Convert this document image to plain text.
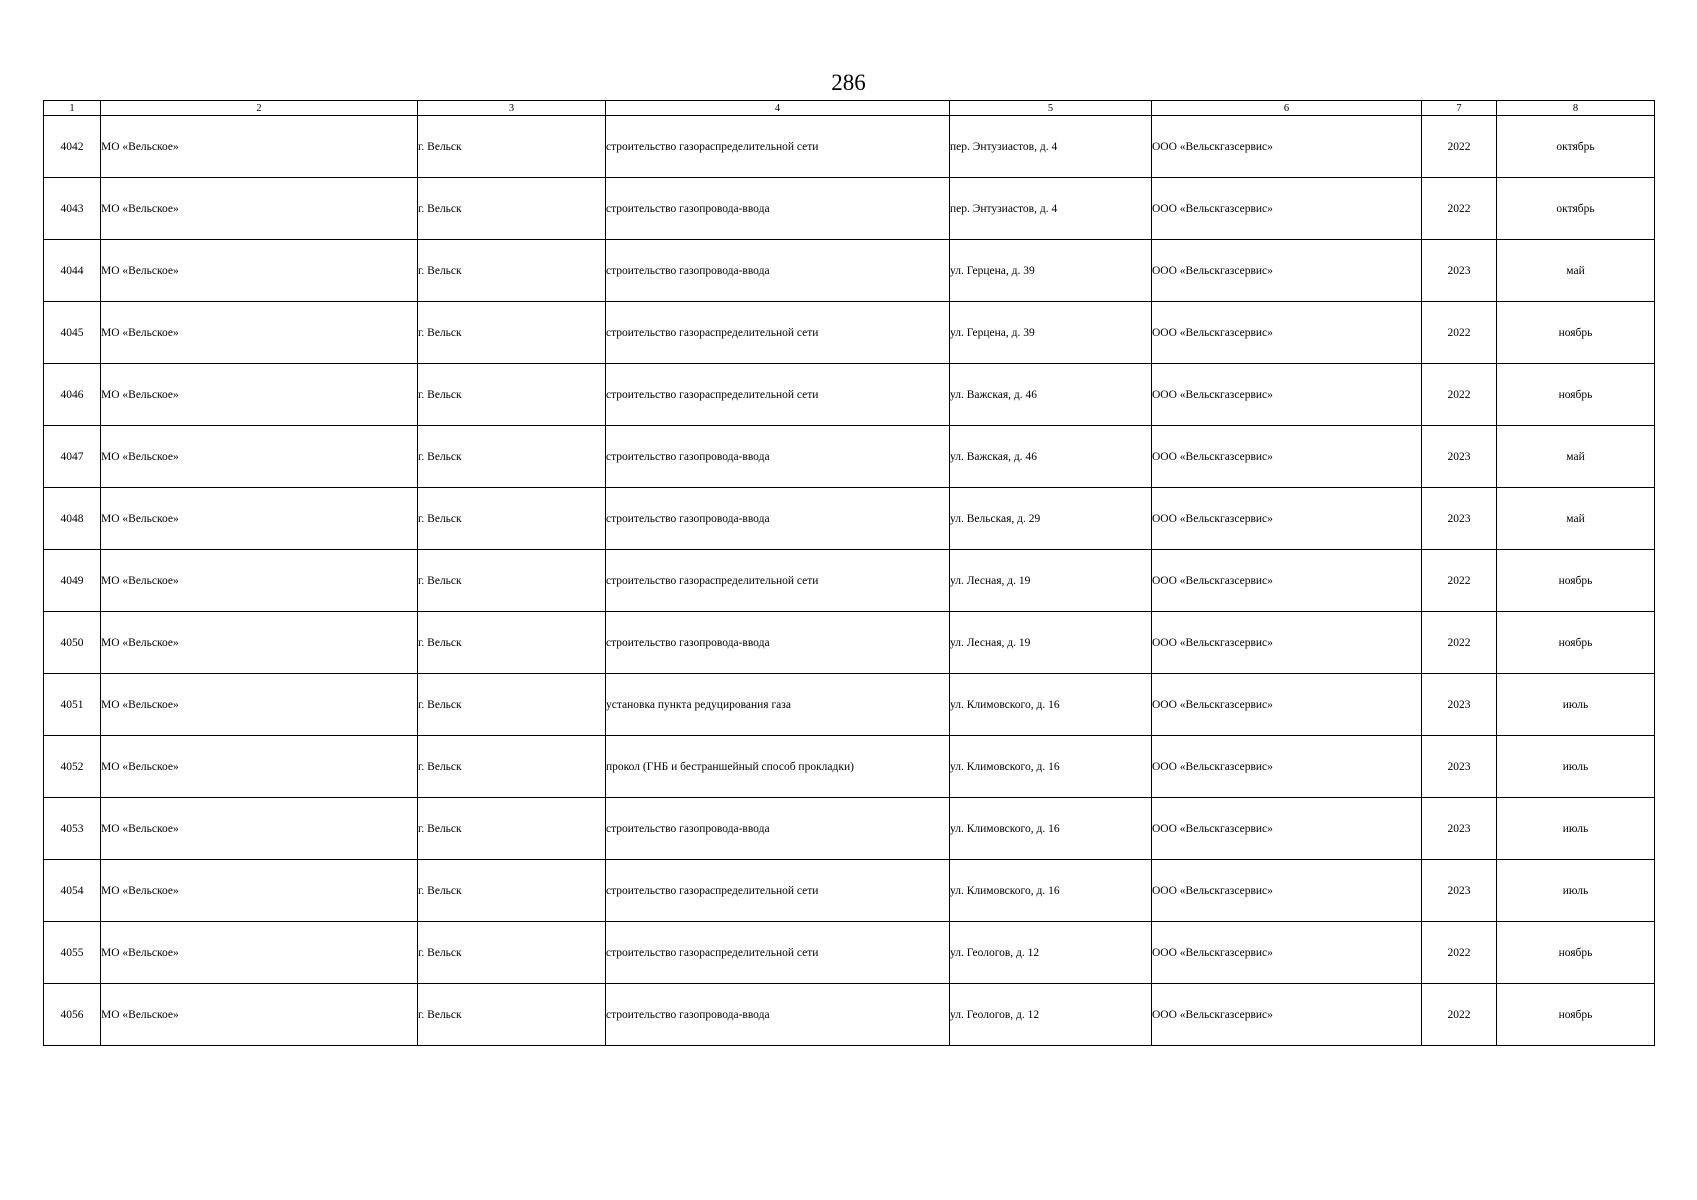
286
1	2	3	4	5	6	7	8
4042	МО «Вельское»	г. Вельск	строительство газораспределительной сети	пер. Энтузиастов, д. 4	ООО «Вельскгазсервис»	2022	октябрь
4043	МО «Вельское»	г. Вельск	строительство газопровода-ввода	пер. Энтузиастов, д. 4	ООО «Вельскгазсервис»	2022	октябрь
4044	МО «Вельское»	г. Вельск	строительство газопровода-ввода	ул. Герцена, д. 39	ООО «Вельскгазсервис»	2023	май
4045	МО «Вельское»	г. Вельск	строительство газораспределительной сети	ул. Герцена, д. 39	ООО «Вельскгазсервис»	2022	ноябрь
4046	МО «Вельское»	г. Вельск	строительство газораспределительной сети	ул. Важская, д. 46	ООО «Вельскгазсервис»	2022	ноябрь
4047	МО «Вельское»	г. Вельск	строительство газопровода-ввода	ул. Важская, д. 46	ООО «Вельскгазсервис»	2023	май
4048	МО «Вельское»	г. Вельск	строительство газопровода-ввода	ул. Вельская, д. 29	ООО «Вельскгазсервис»	2023	май
4049	МО «Вельское»	г. Вельск	строительство газораспределительной сети	ул. Лесная, д. 19	ООО «Вельскгазсервис»	2022	ноябрь
4050	МО «Вельское»	г. Вельск	строительство газопровода-ввода	ул. Лесная, д. 19	ООО «Вельскгазсервис»	2022	ноябрь
4051	МО «Вельское»	г. Вельск	установка пункта редуцирования газа	ул. Климовского, д. 16	ООО «Вельскгазсервис»	2023	июль
4052	МО «Вельское»	г. Вельск	прокол (ГНБ и бестраншейный способ прокладки)	ул. Климовского, д. 16	ООО «Вельскгазсервис»	2023	июль
4053	МО «Вельское»	г. Вельск	строительство газопровода-ввода	ул. Климовского, д. 16	ООО «Вельскгазсервис»	2023	июль
4054	МО «Вельское»	г. Вельск	строительство газораспределительной сети	ул. Климовского, д. 16	ООО «Вельскгазсервис»	2023	июль
4055	МО «Вельское»	г. Вельск	строительство газораспределительной сети	ул. Геологов, д. 12	ООО «Вельскгазсервис»	2022	ноябрь
4056	МО «Вельское»	г. Вельск	строительство газопровода-ввода	ул. Геологов, д. 12	ООО «Вельскгазсервис»	2022	ноябрь
